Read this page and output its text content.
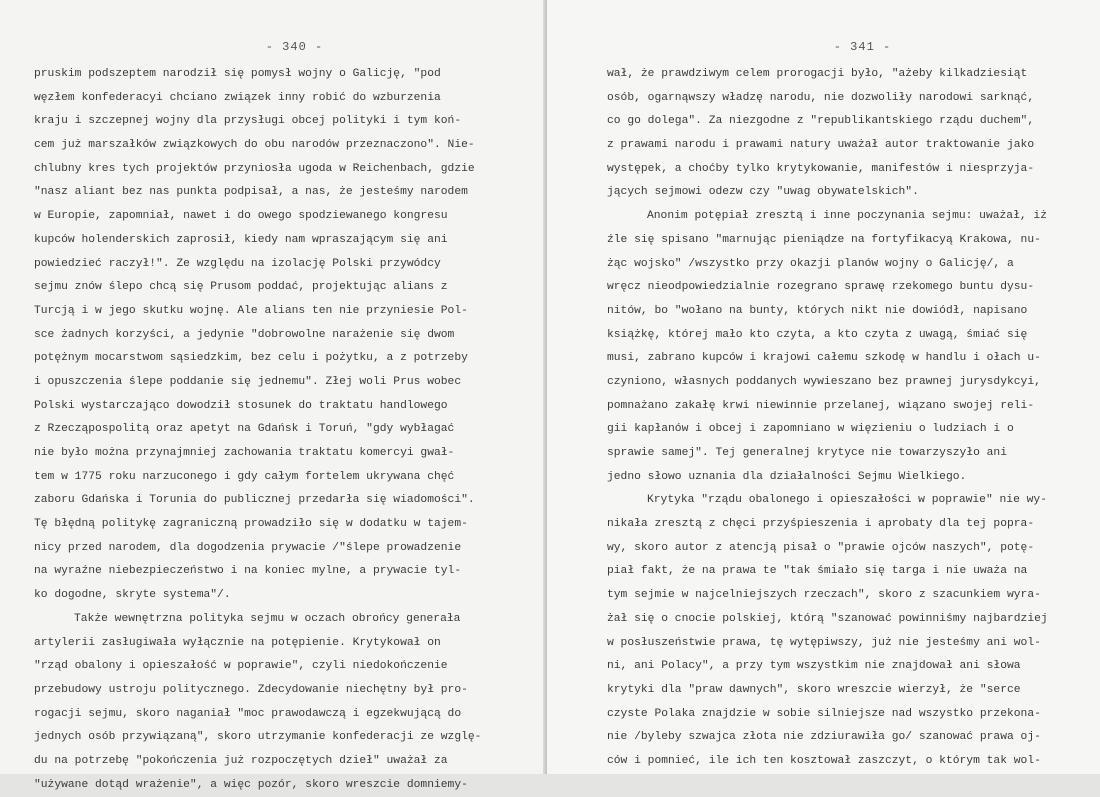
- 340 -
pruskim podszeptem narodził się pomysł wojny o Galicję, "pod
węzłem konfederacyi chciano związek inny robić do wzburzenia
kraju i szczepnej wojny dla przysługi obcej polityki i tym koń-
cem już marszałków związkowych do obu narodów przeznaczono". Nie-
chlubny kres tych projektów przyniosła ugoda w Reichenbach, gdzie
"nasz aliant bez nas punkta podpisał, a nas, że jesteśmy narodem
w Europie, zapomniał, nawet i do owego spodziewanego kongresu
kupców holenderskich zaprosił, kiedy nam wpraszającym się ani
powiedzieć raczył!". Ze względu na izolację Polski przywódcy
sejmu znów ślepo chcą się Prusom poddać, projektując alians z
Turcją i w jego skutku wojnę. Ale alians ten nie przyniesie Pol-
sce żadnych korzyści, a jedynie "dobrowolne narażenie się dwom
potężnym mocarstwom sąsiedzkim, bez celu i pożytku, a z potrzeby
i opuszczenia ślepe poddanie się jednemu". Złej woli Prus wobec
Polski wystarczająco dowodził stosunek do traktatu handlowego
z Rzecząpospolitą oraz apetyt na Gdańsk i Toruń, "gdy wybłagać
nie było można przynajmniej zachowania traktatu komercyi gwał-
tem w 1775 roku narzuconego i gdy całym fortelem ukrywana chęć
zaboru Gdańska i Torunia do publicznej przedarła się wiadomości".
Tę błędną politykę zagraniczną prowadziło się w dodatku w tajem-
nicy przed narodem, dla dogodzenia prywacie /"ślepe prowadzenie
na wyraźne niebezpieczeństwo i na koniec mylne, a prywacie tyl-
ko dogodne, skryte systema"/.
Także wewnętrzna polityka sejmu w oczach obrońcy generała
artylerii zasługiwała wyłącznie na potępienie. Krytykował on
"rząd obalony i opieszałość w poprawie", czyli niedokończenie
przebudowy ustroju politycznego. Zdecydowanie niechętny był pro-
rogacji sejmu, skoro naganiał "moc prawodawczą i egzekwującą do
jednych osób przywiązaną", skoro utrzymanie konfederacji ze wzglę-
du na potrzebę "pokończenia już rozpoczętych dzieł" uważał za
"używane dotąd wrażenie", a więc pozór, skoro wreszcie domniemy-
- 341 -
wał, że prawdziwym celem prorogacji było, "ażeby kilkadziesiąt
osób, ogarnąwszy władzę narodu, nie dozwoliły narodowi sarknąć,
co go dolega". Za niezgodne z "republikantskiego rządu duchem",
z prawami narodu i prawami natury uważał autor traktowanie jako
występek, a choćby tylko krytykowanie, manifestów i niesprzyja-
jących sejmowi odezw czy "uwag obywatelskich".
Anonim potępiał zresztą i inne poczynania sejmu: uważał, iż
źle się spisano "marnując pieniądze na fortyfikacyą Krakowa, nu-
żąc wojsko" /wszystko przy okazji planów wojny o Galicję/, a
wręcz nieodpowiedzialnie rozegrano sprawę rzekomego buntu dysu-
nitów, bo "wołano na bunty, których nikt nie dowiódł, napisano
książkę, której mało kto czyta, a kto czyta z uwagą, śmiać się
musi, zabrano kupców i krajowi całemu szkodę w handlu i ołach u-
czyniono, własnych poddanych wywieszano bez prawnej jurysdykcyi,
pomnażano zakałę krwi niewinnie przelanej, wiązano swojej reli-
gii kapłanów i obcej i zapomniano w więzieniu o ludziach i o
sprawie samej". Tej generalnej krytyce nie towarzyszyło ani
jedno słowo uznania dla działalności Sejmu Wielkiego.
Krytyka "rządu obalonego i opieszałości w poprawie" nie wy-
nikała zresztą z chęci przyśpieszenia i aprobaty dla tej popra-
wy, skoro autor z atencją pisał o "prawie ojców naszych", potę-
piał fakt, że na prawa te "tak śmiało się targa i nie uważa na
tym sejmie w najcelniejszych rzeczach", skoro z szacunkiem wyra-
żał się o cnocie polskiej, którą "szanować powinniśmy najbardziej
w posłuszeństwie prawa, tę wytępiwszy, już nie jesteśmy ani wol-
ni, ani Polacy", a przy tym wszystkim nie znajdował ani słowa
krytyki dla "praw dawnych", skoro wreszcie wierzył, że "serce
czyste Polaka znajdzie w sobie silniejsze nad wszystko przekona-
nie /byleby szwajca złota nie zdziurawiła go/ szanować prawa oj-
ców i pomnieć, ile ich ten kosztował zaszczyt, o którym tak wol-
